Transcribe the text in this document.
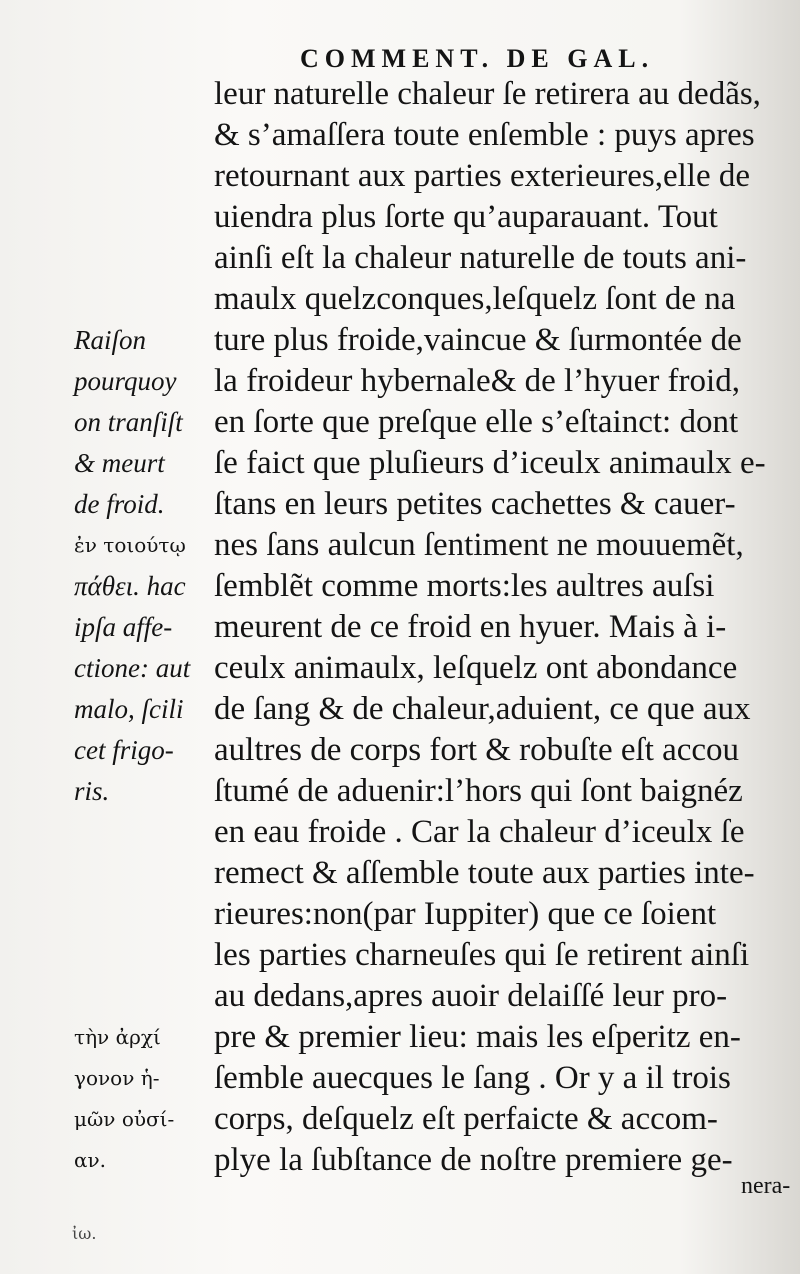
COMMENT. DE GAL.
leur naturelle chaleur ſe retirera au dedãs,
& s’amaſſera toute enſemble : puys apres
retournant aux parties exterieures,elle de
uiendra plus ſorte qu’auparauant. Tout
ainſi eſt la chaleur naturelle de touts ani-
maulx quelzconques,leſquelz ſont de na
ture plus froide,vaincue & ſurmontée de
la froideur hybernale& de l’hyuer froid,
en ſorte que preſque elle s’eſtainct: dont
ſe faict que pluſieurs d’iceulx animaulx e-
ſtans en leurs petites cachettes & cauer-
nes ſans aulcun ſentiment ne mouuemẽt,
ſemblẽt comme morts:les aultres auſsi
meurent de ce froid en hyuer. Mais à i-
ceulx animaulx, leſquelz ont abondance
de ſang & de chaleur,aduient, ce que aux
aultres de corps fort & robuſte eſt accou
ſtumé de aduenir:l’hors qui ſont baignéz
en eau froide . Car la chaleur d’iceulx ſe
remect & aſſemble toute aux parties inte-
rieures:non(par Iuppiter) que ce ſoient
les parties charneuſes qui ſe retirent ainſi
au dedans,apres auoir delaiſſé leur pro-
pre & premier lieu: mais les eſperitz en-
ſemble auecques le ſang . Or y a il trois
corps, deſquelz eſt perfaicte & accom-
plye la ſubſtance de noſtre premiere ge-
Raiſon
pourquoy
on tranſiſt
& meurt
de froid.
ἐν τοιούτῳ
πάθει. hac
ipſa affe-
ctione: aut
malo, ſcili
cet frigo-
ris.
τὴν ἀρχί
γονον ἡ-
μῶν οὐσί-
αν.
nera-
ἰω.
